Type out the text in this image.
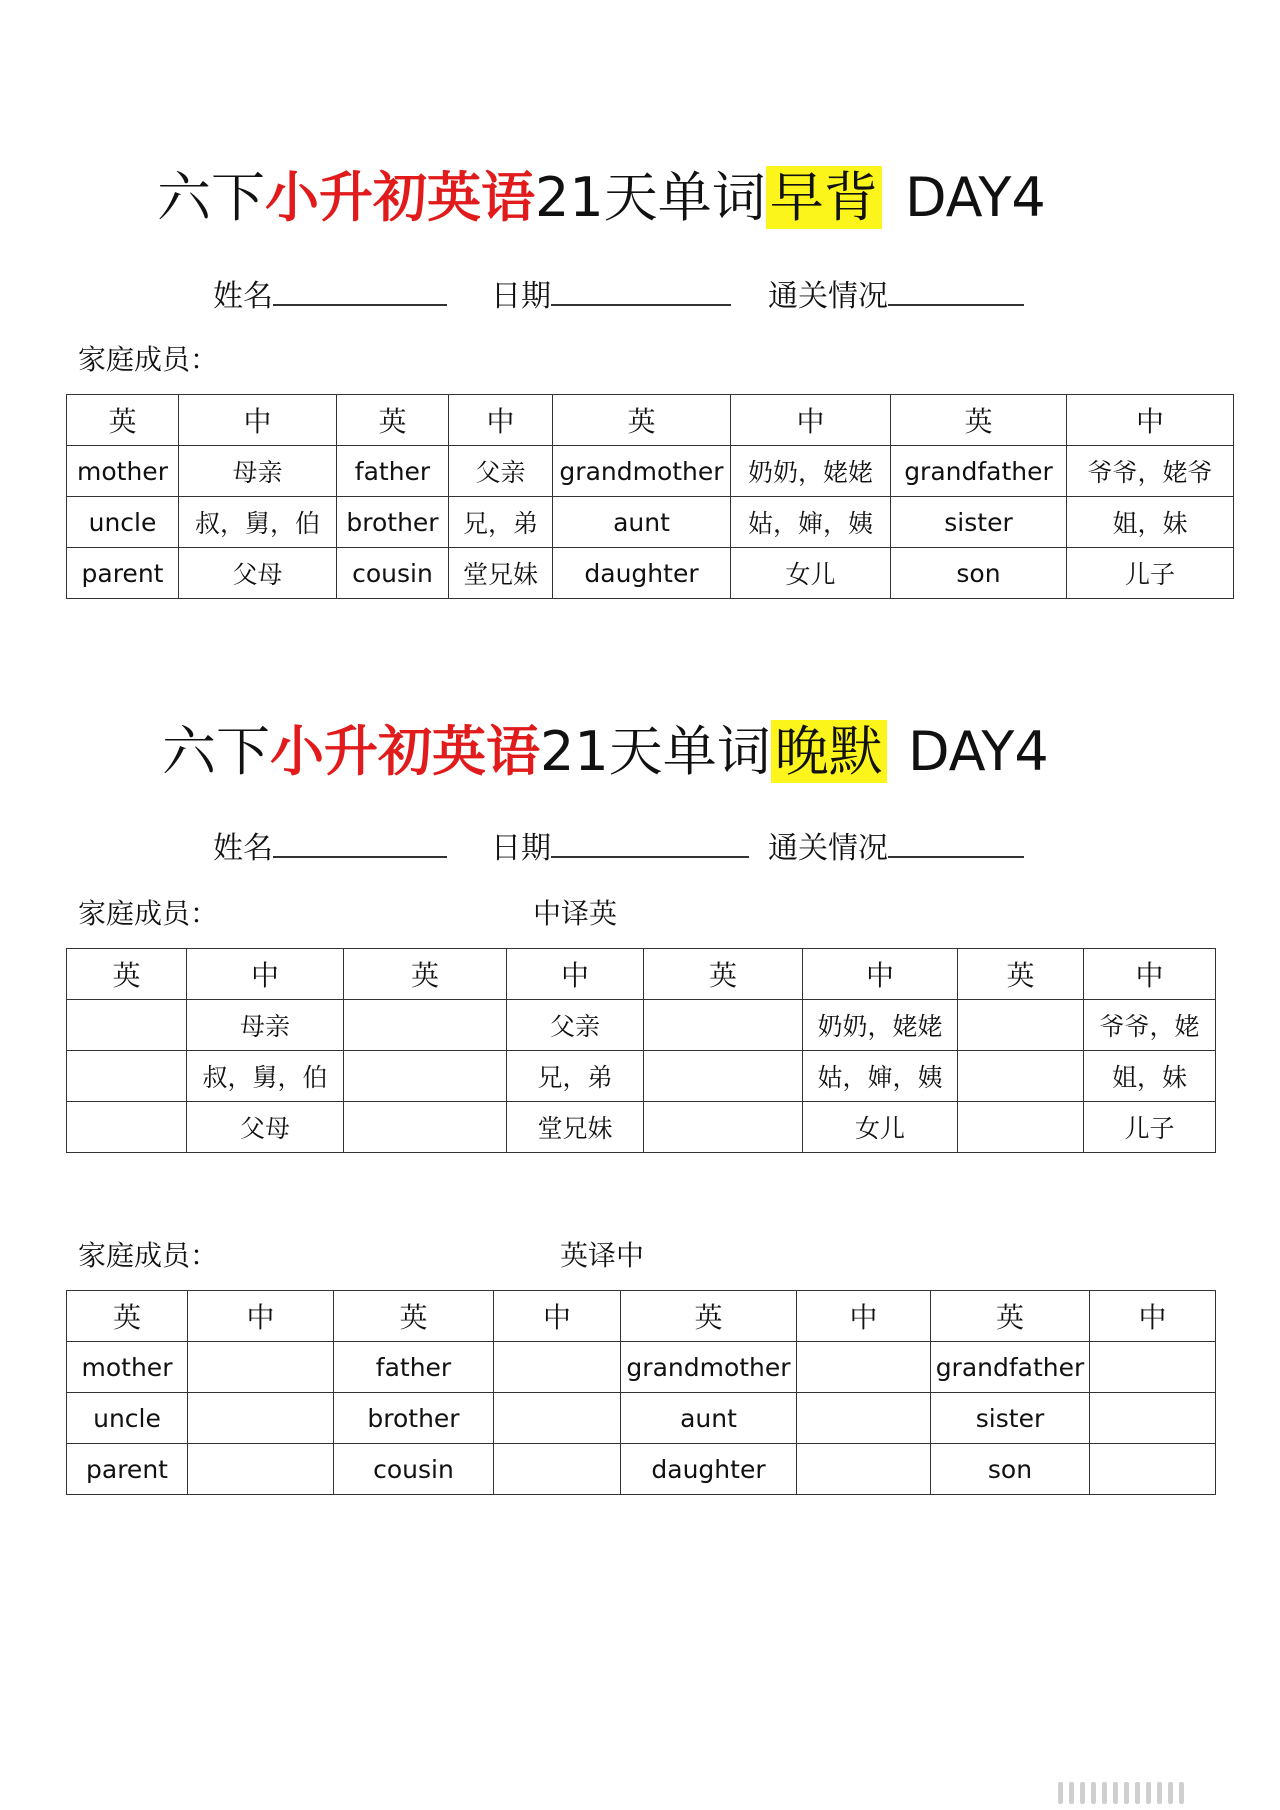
六下小升初英语21天单词早背 DAY4
姓名	日期	通关情况
家庭成员：
英	中	英	中	英	中	英	中
mother	母亲	father	父亲	grandmother	奶奶，姥姥	grandfather	爷爷，姥爷
uncle	叔，舅，伯	brother	兄，弟	aunt	姑，婶，姨	sister	姐，妹
parent	父母	cousin	堂兄妹	daughter	女儿	son	儿子
六下小升初英语21天单词晚默 DAY4
姓名	日期	通关情况
家庭成员：	中译英
英	中	英	中	英	中	英	中
	母亲		父亲		奶奶，姥姥		爷爷，姥
	叔，舅，伯		兄，弟		姑，婶，姨		姐，妹
	父母		堂兄妹		女儿		儿子
家庭成员：	英译中
英	中	英	中	英	中	英	中
mother		father		grandmother		grandfather	
uncle		brother		aunt		sister	
parent		cousin		daughter		son	
